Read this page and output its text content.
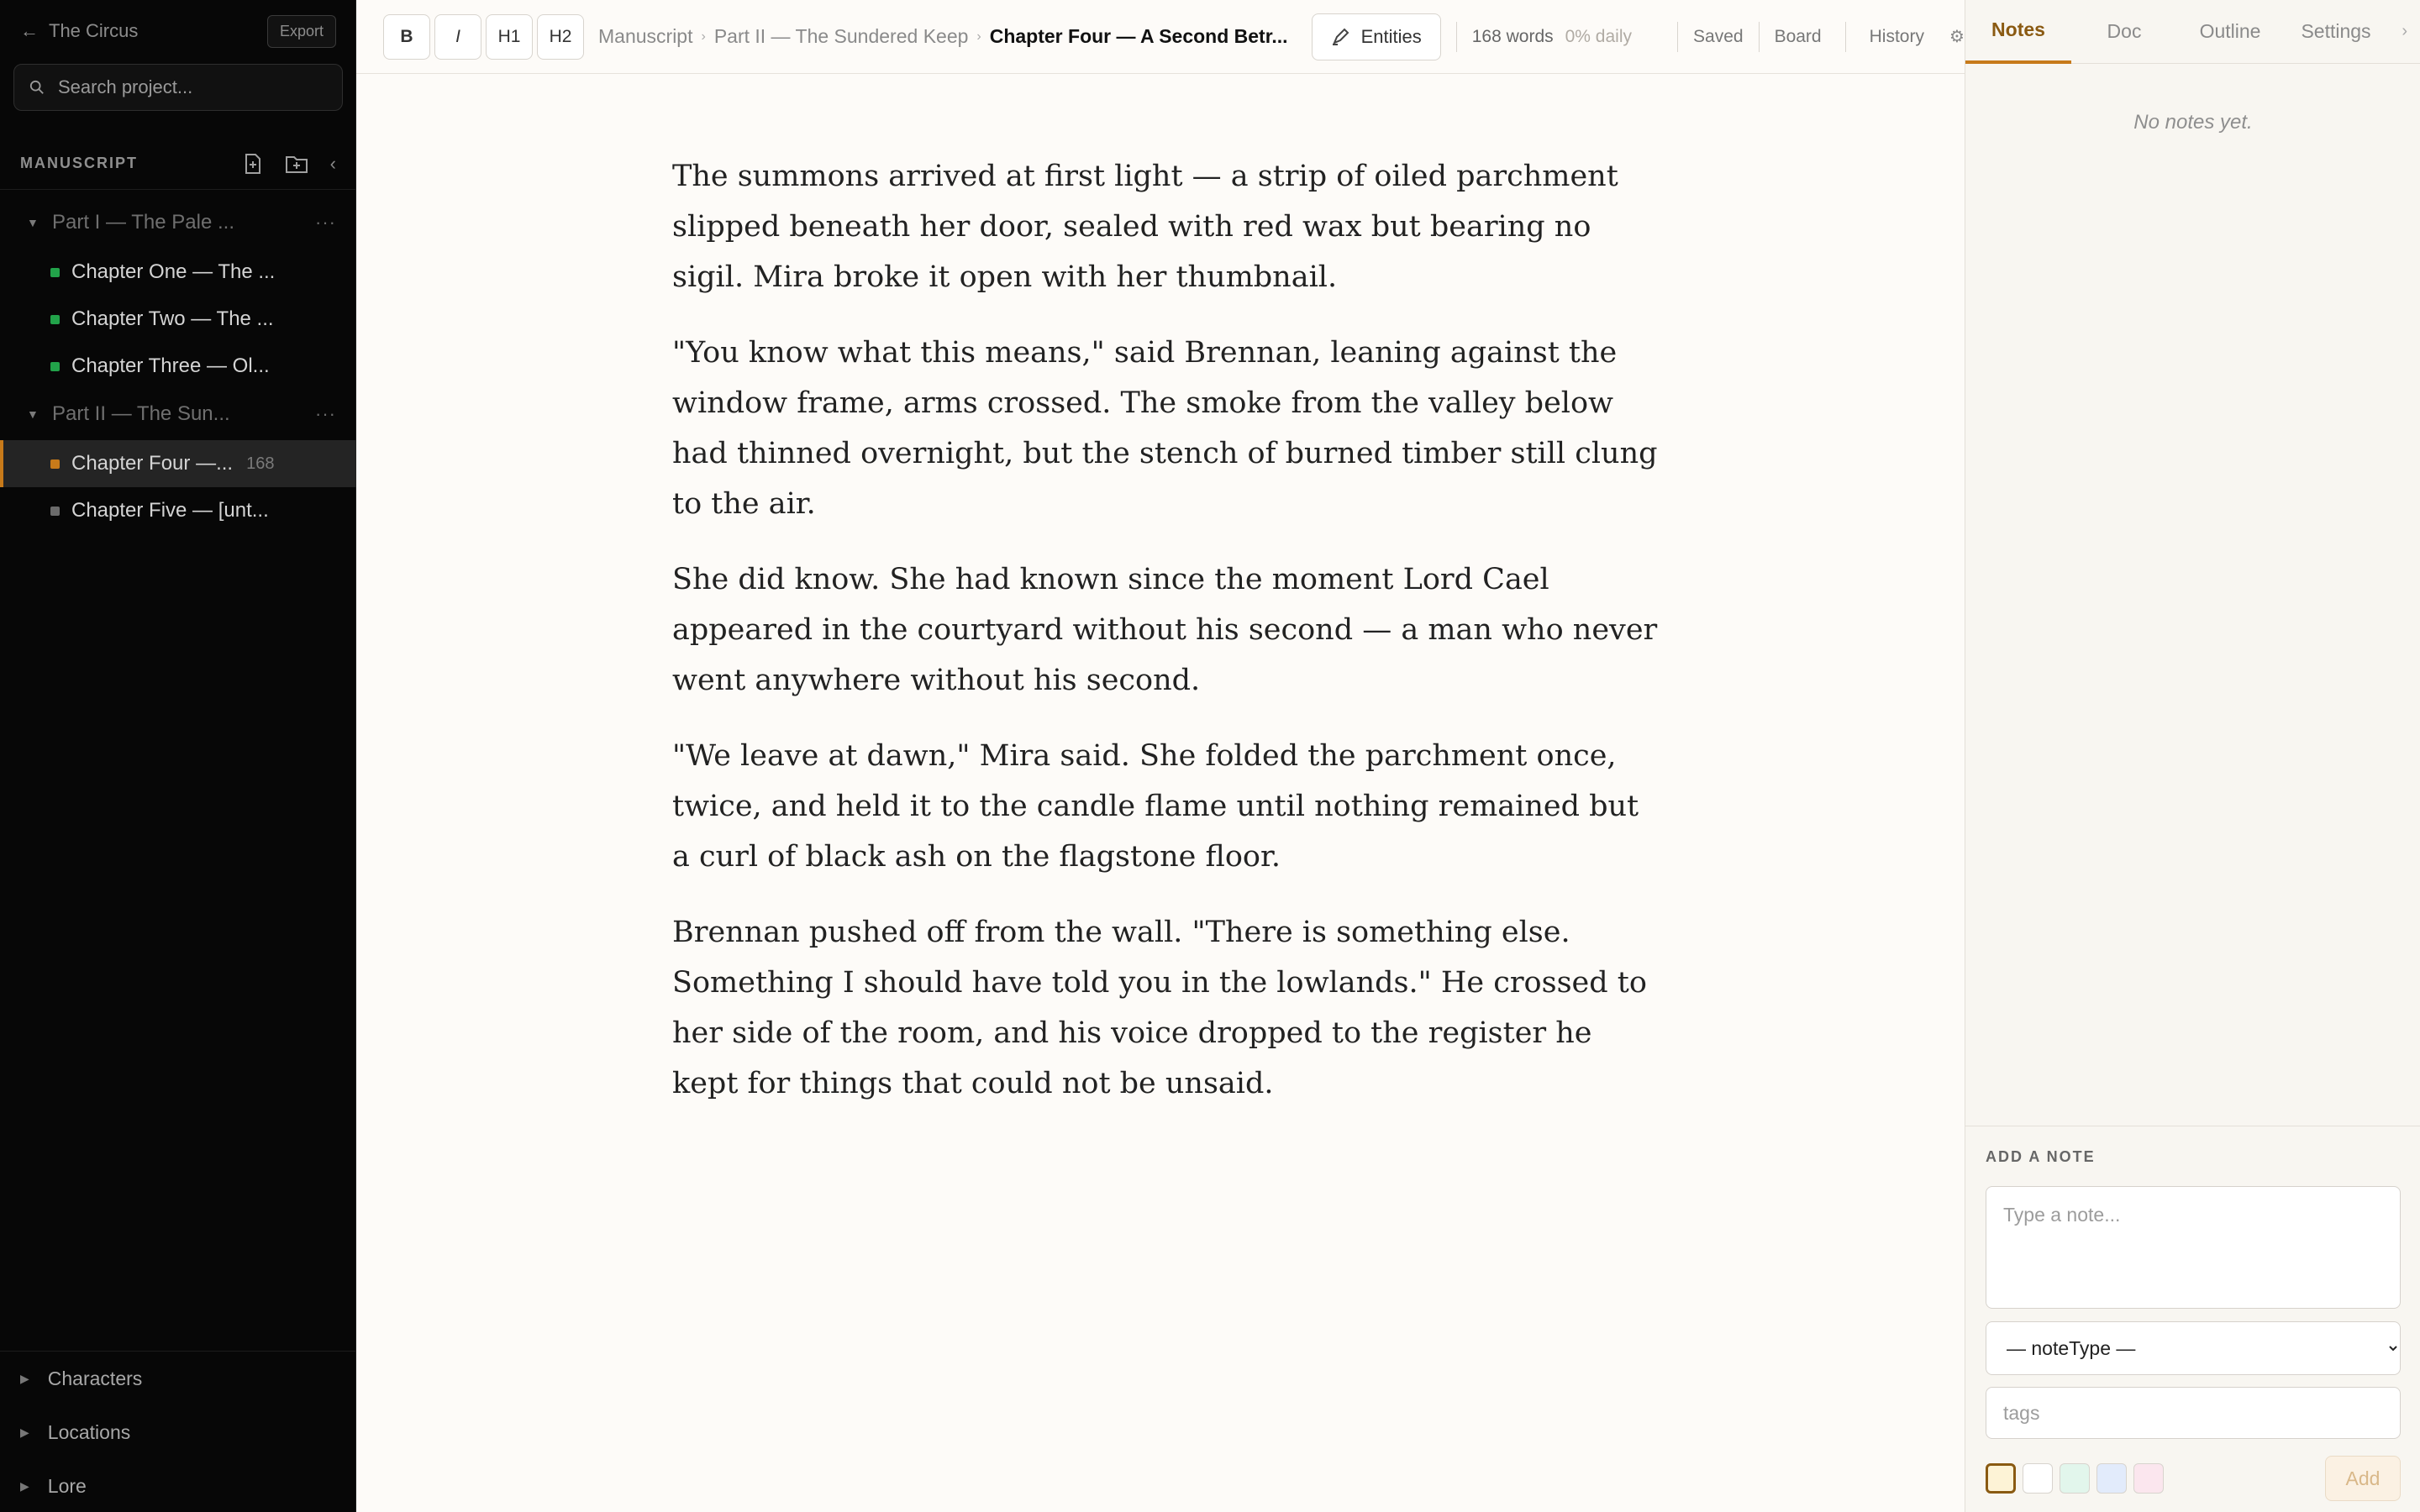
← The Circus	Export
Search project...
MANUSCRIPT	‹
▼ Part I — The Pale ...	···
Chapter One — The ...
Chapter Two — The ...
Chapter Three — Ol...
▼ Part II — The Sun...	···
Chapter Four —... 168
Chapter Five — [unt...
▶ Characters
▶ Locations
▶ Lore
B	I	H1	H2	Manuscript › Part II — The Sundered Keep › Chapter Four — A Second Betr...	Entities	168 words 0% daily	Saved Board	History ⚙

The summons arrived at first light — a strip of oiled parchment slipped beneath her door, sealed with red wax but bearing no sigil. Mira broke it open with her thumbnail.

"You know what this means," said Brennan, leaning against the window frame, arms crossed. The smoke from the valley below had thinned overnight, but the stench of burned timber still clung to the air.

She did know. She had known since the moment Lord Cael appeared in the courtyard without his second — a man who never went anywhere without his second.

"We leave at dawn," Mira said. She folded the parchment once, twice, and held it to the candle flame until nothing remained but a curl of black ash on the flagstone floor.

Brennan pushed off from the wall. "There is something else. Something I should have told you in the lowlands." He crossed to her side of the room, and his voice dropped to the register he kept for things that could not be unsaid.

Notes	Doc	Outline	Settings	›
No notes yet.
ADD A NOTE
Type a note...
— noteType — tags
Add
